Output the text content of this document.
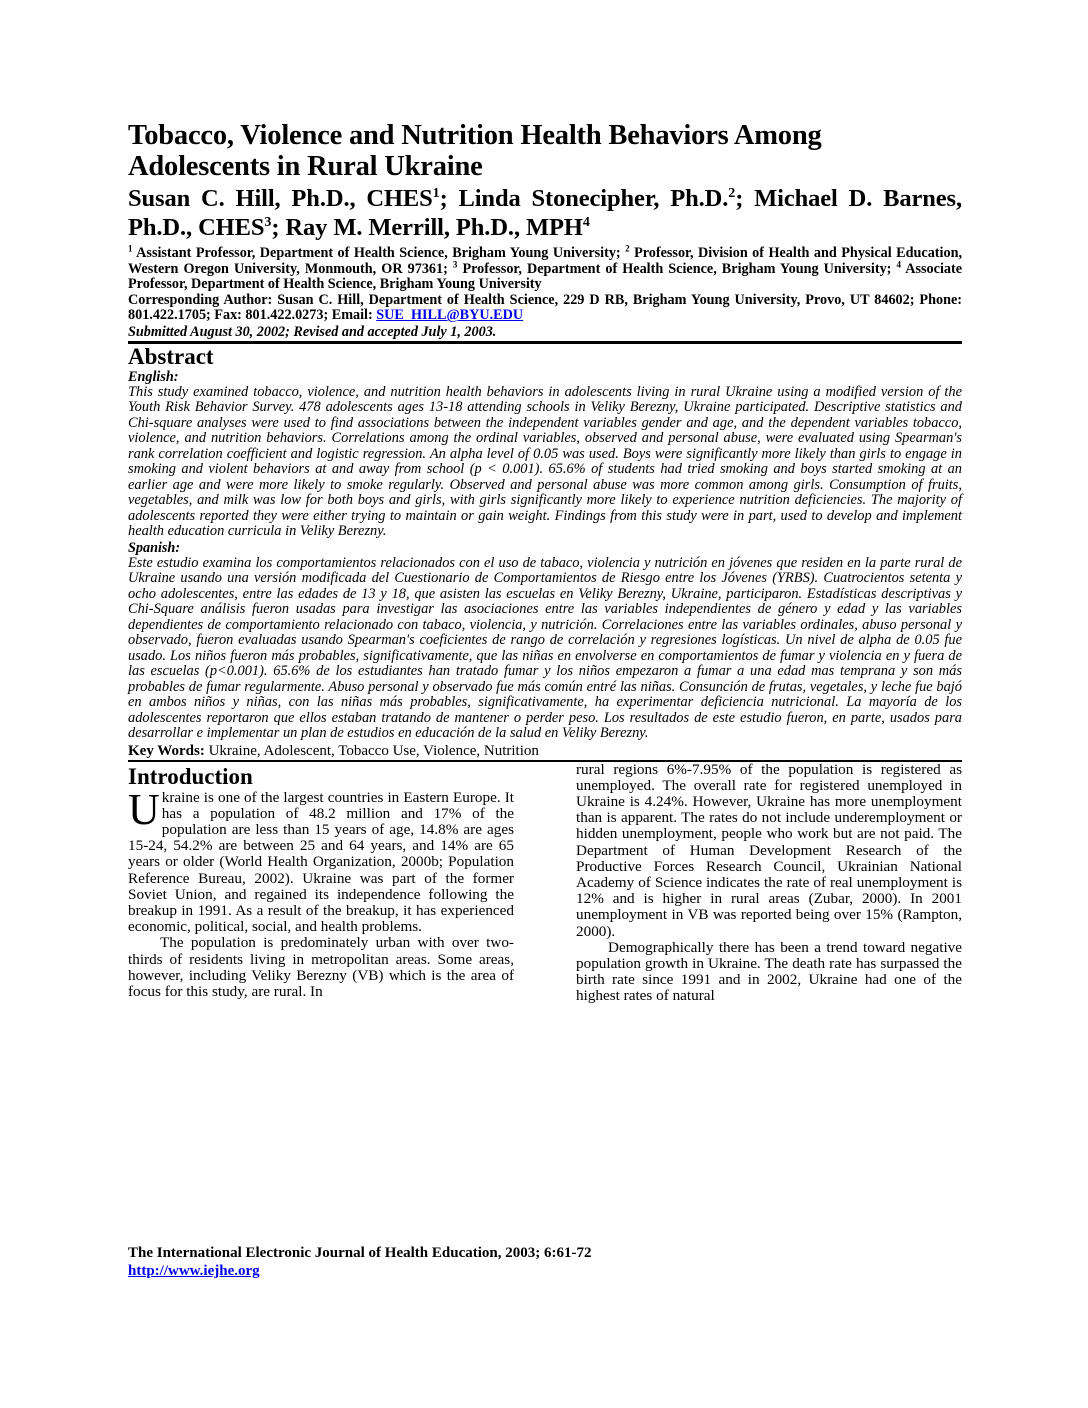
Tobacco, Violence and Nutrition Health Behaviors Among
Adolescents in Rural Ukraine

Susan C. Hill, Ph.D., CHES$^1$; Linda Stonecipher, Ph.D.$^2$; Michael D. Barnes, Ph.D., CHES$^3$; Ray M. Merrill, Ph.D., MPH$^4$

$^1$ Assistant Professor, Department of Health Science, Brigham Young University; $^2$ Professor, Division of Health and Physical Education, Western Oregon University, Monmouth, OR 97361; $^3$ Professor, Department of Health Science, Brigham Young University; $^4$ Associate Professor, Department of Health Science, Brigham Young University

Corresponding Author: Susan C. Hill, Department of Health Science, 229 D RB, Brigham Young University, Provo, UT 84602; Phone: 801.422.1705; Fax: 801.422.0273; Email: SUE_HILL@BYU.EDU

Submitted August 30, 2002; Revised and accepted July 1, 2003.

Abstract

English:

This study examined tobacco, violence, and nutrition health behaviors in adolescents living in rural Ukraine using a modified version of the Youth Risk Behavior Survey. 478 adolescents ages 13-18 attending schools in Veliky Berezny, Ukraine participated. Descriptive statistics and Chi-square analyses were used to find associations between the independent variables gender and age, and the dependent variables tobacco, violence, and nutrition behaviors. Correlations among the ordinal variables, observed and personal abuse, were evaluated using Spearman's rank correlation coefficient and logistic regression. An alpha level of 0.05 was used. Boys were significantly more likely than girls to engage in smoking and violent behaviors at and away from school (p < 0.001). 65.6% of students had tried smoking and boys started smoking at an earlier age and were more likely to smoke regularly. Observed and personal abuse was more common among girls. Consumption of fruits, vegetables, and milk was low for both boys and girls, with girls significantly more likely to experience nutrition deficiencies. The majority of adolescents reported they were either trying to maintain or gain weight. Findings from this study were in part, used to develop and implement health education curricula in Veliky Berezny.

Spanish:

Este estudio examina los comportamientos relacionados con el uso de tabaco, violencia y nutrición en jóvenes que residen en la parte rural de Ukraine usando una versión modificada del Cuestionario de Comportamientos de Riesgo entre los Jóvenes (YRBS). Cuatrocientos setenta y ocho adolescentes, entre las edades de 13 y 18, que asisten las escuelas en Veliky Berezny, Ukraine, participaron. Estadísticas descriptivas y Chi-Square análisis fueron usadas para investigar las asociaciones entre las variables independientes de género y edad y las variables dependientes de comportamiento relacionado con tabaco, violencia, y nutrición. Correlaciones entre las variables ordinales, abuso personal y observado, fueron evaluadas usando Spearman's coeficientes de rango de correlación y regresiones logísticas. Un nivel de alpha de 0.05 fue usado. Los niños fueron más probables, significativamente, que las niñas en envolverse en comportamientos de fumar y violencia en y fuera de las escuelas (p<0.001). 65.6% de los estudiantes han tratado fumar y los niños empezaron a fumar a una edad mas temprana y son más probables de fumar regularmente. Abuso personal y observado fue más común entré las niñas. Consunción de frutas, vegetales, y leche fue bajó en ambos niños y niñas, con las niñas más probables, significativamente, ha experimentar deficiencia nutricional. La mayoría de los adolescentes reportaron que ellos estaban tratando de mantener o perder peso. Los resultados de este estudio fueron, en parte, usados para desarrollar e implementar un plan de estudios en educación de la salud en Veliky Berezny.

Key Words: Ukraine, Adolescent, Tobacco Use, Violence, Nutrition

Introduction

Ukraine is one of the largest countries in Eastern Europe. It has a population of 48.2 million and 17% of the population are less than 15 years of age, 14.8% are ages 15-24, 54.2% are between 25 and 64 years, and 14% are 65 years or older (World Health Organization, 2000b; Population Reference Bureau, 2002). Ukraine was part of the former Soviet Union, and regained its independence following the breakup in 1991. As a result of the breakup, it has experienced economic, political, social, and health problems.

The population is predominately urban with over two-thirds of residents living in metropolitan areas. Some areas, however, including Veliky Berezny (VB) which is the area of focus for this study, are rural. In

rural regions 6%-7.95% of the population is registered as unemployed. The overall rate for registered unemployed in Ukraine is 4.24%. However, Ukraine has more unemployment than is apparent. The rates do not include underemployment or hidden unemployment, people who work but are not paid. The Department of Human Development Research of the Productive Forces Research Council, Ukrainian National Academy of Science indicates the rate of real unemployment is 12% and is higher in rural areas (Zubar, 2000). In 2001 unemployment in VB was reported being over 15% (Rampton, 2000).

Demographically there has been a trend toward negative population growth in Ukraine. The death rate has surpassed the birth rate since 1991 and in 2002, Ukraine had one of the highest rates of natural

The International Electronic Journal of Health Education, 2003; 6:61-72
http://www.iejhe.org
